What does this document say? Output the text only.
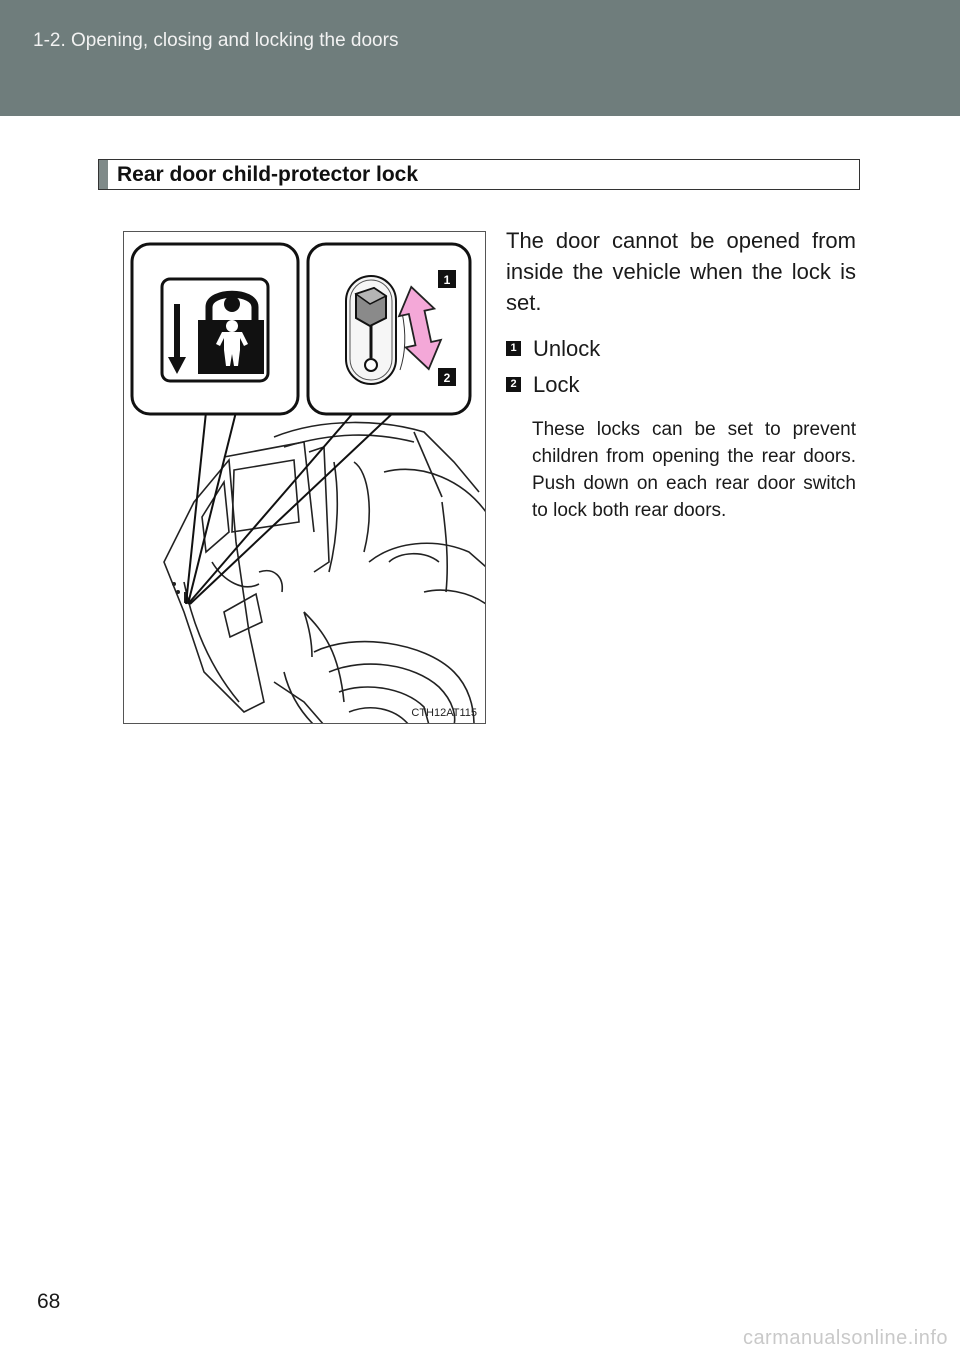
1-2. Opening, closing and locking the doors
Rear door child-protector lock
1
2
CTH12AT115
The door cannot be opened from inside the vehicle when the lock is set.
1 Unlock
2 Lock
These locks can be set to prevent children from opening the rear doors. Push down on each rear door switch to lock both rear doors.
68
carmanualsonline.info
